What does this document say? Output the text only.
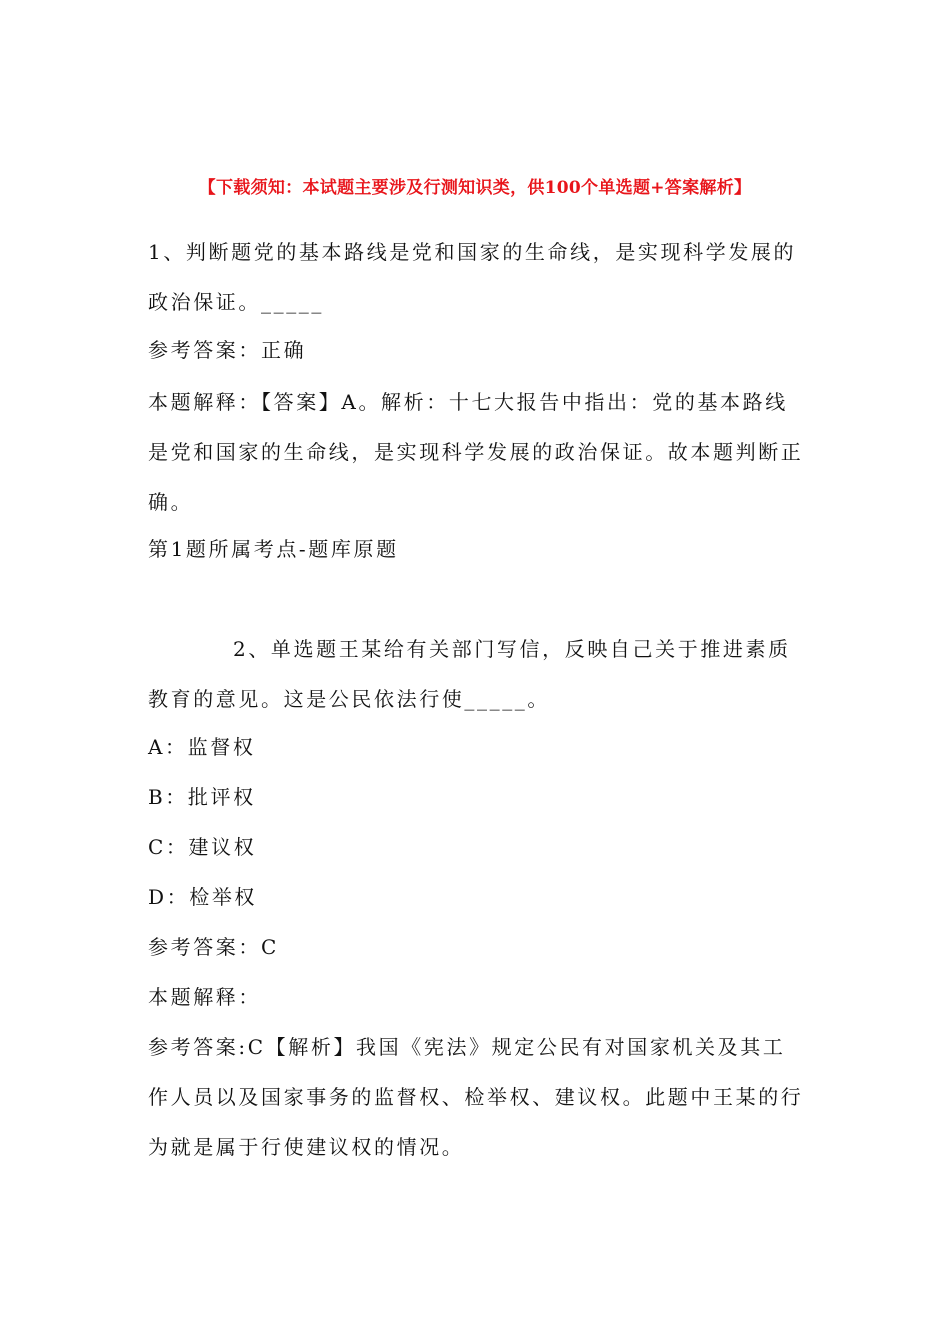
【下载须知：本试题主要涉及行测知识类，供100个单选题+答案解析】
1、判断题党的基本路线是党和国家的生命线，是实现科学发展的政治保证。_____
参考答案：正确
本题解释：【答案】A。解析：十七大报告中指出：党的基本路线是党和国家的生命线，是实现科学发展的政治保证。故本题判断正确。
第1题所属考点-题库原题
2、单选题王某给有关部门写信，反映自己关于推进素质教育的意见。这是公民依法行使_____。
A：监督权
B：批评权
C：建议权
D：检举权
参考答案：C
本题解释：
参考答案:C【解析】我国《宪法》规定公民有对国家机关及其工作人员以及国家事务的监督权、检举权、建议权。此题中王某的行为就是属于行使建议权的情况。
